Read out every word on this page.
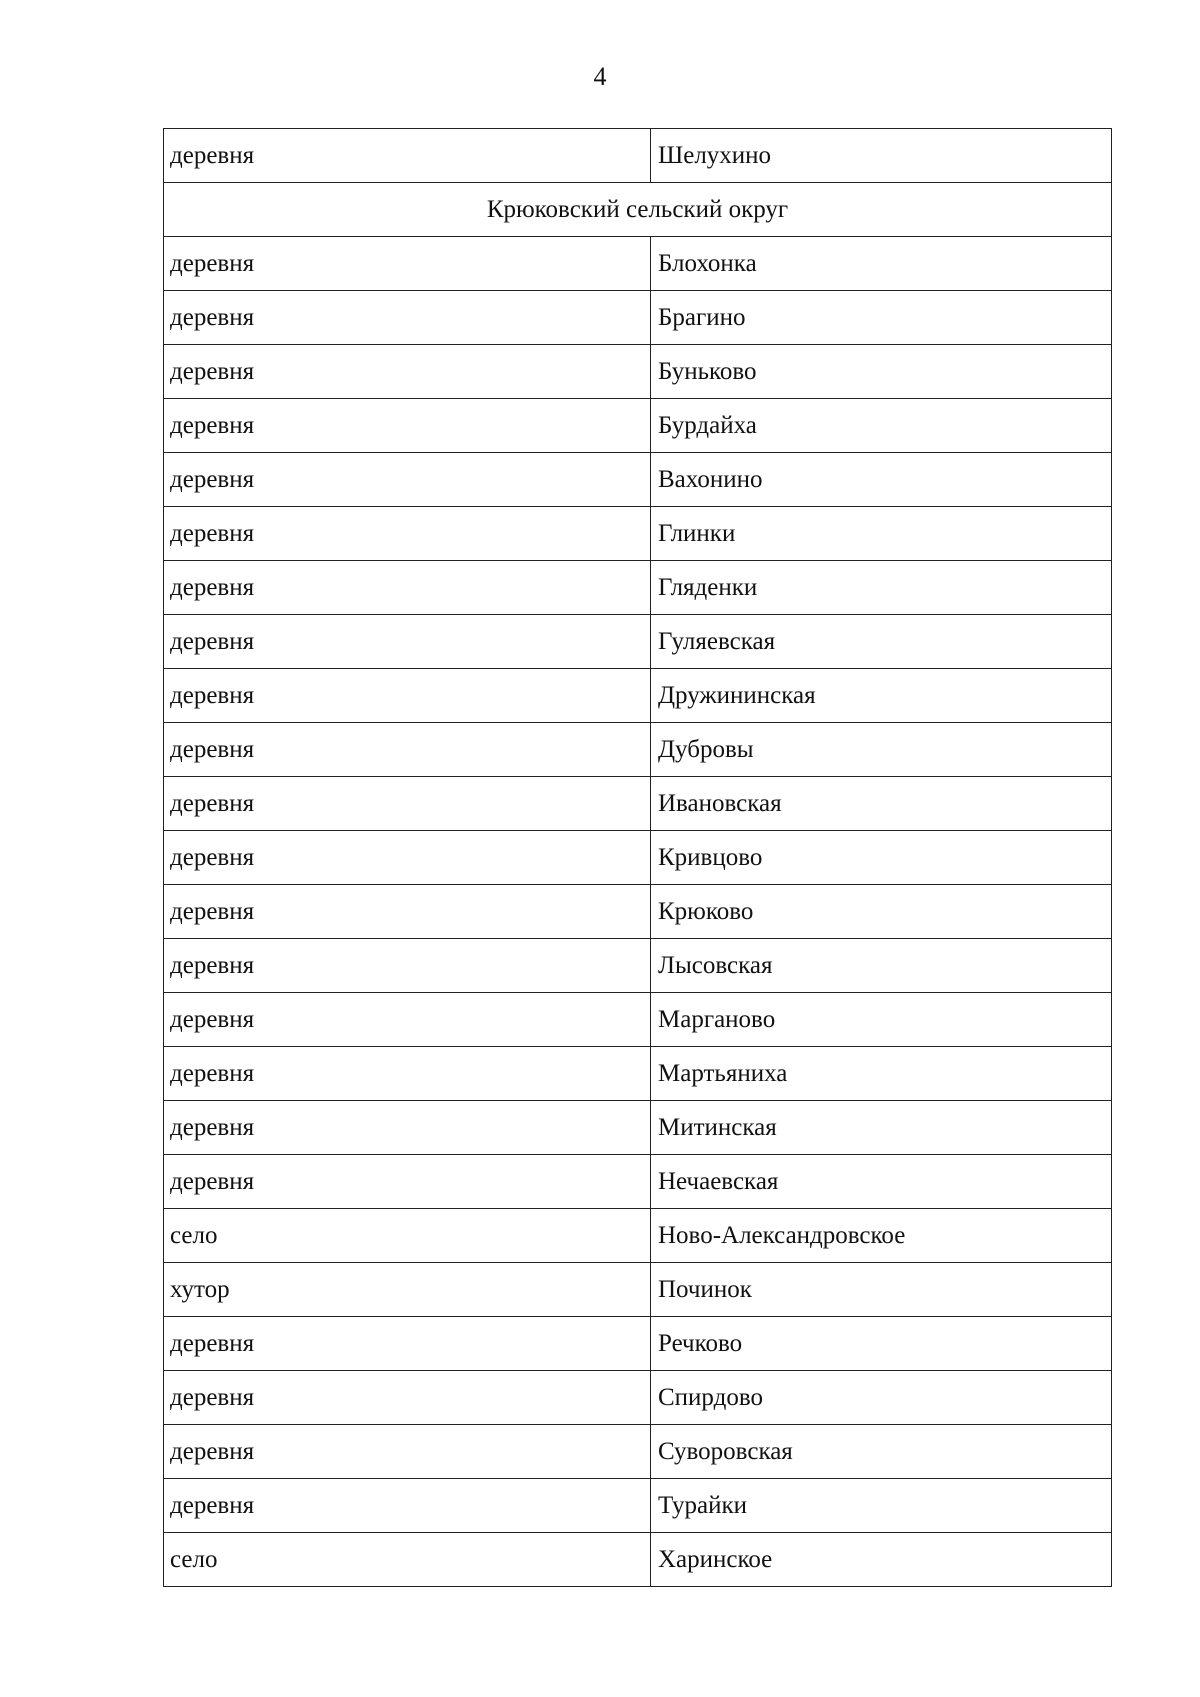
4
деревня	Шелухино
Крюковский сельский округ	
деревня	Блохонка
деревня	Брагино
деревня	Буньково
деревня	Бурдайха
деревня	Вахонино
деревня	Глинки
деревня	Гляденки
деревня	Гуляевская
деревня	Дружининская
деревня	Дубровы
деревня	Ивановская
деревня	Кривцово
деревня	Крюково
деревня	Лысовская
деревня	Марганово
деревня	Мартьяниха
деревня	Митинская
деревня	Нечаевская
село	Ново-Александровское
хутор	Починок
деревня	Речково
деревня	Спирдово
деревня	Суворовская
деревня	Турайки
село	Харинское
